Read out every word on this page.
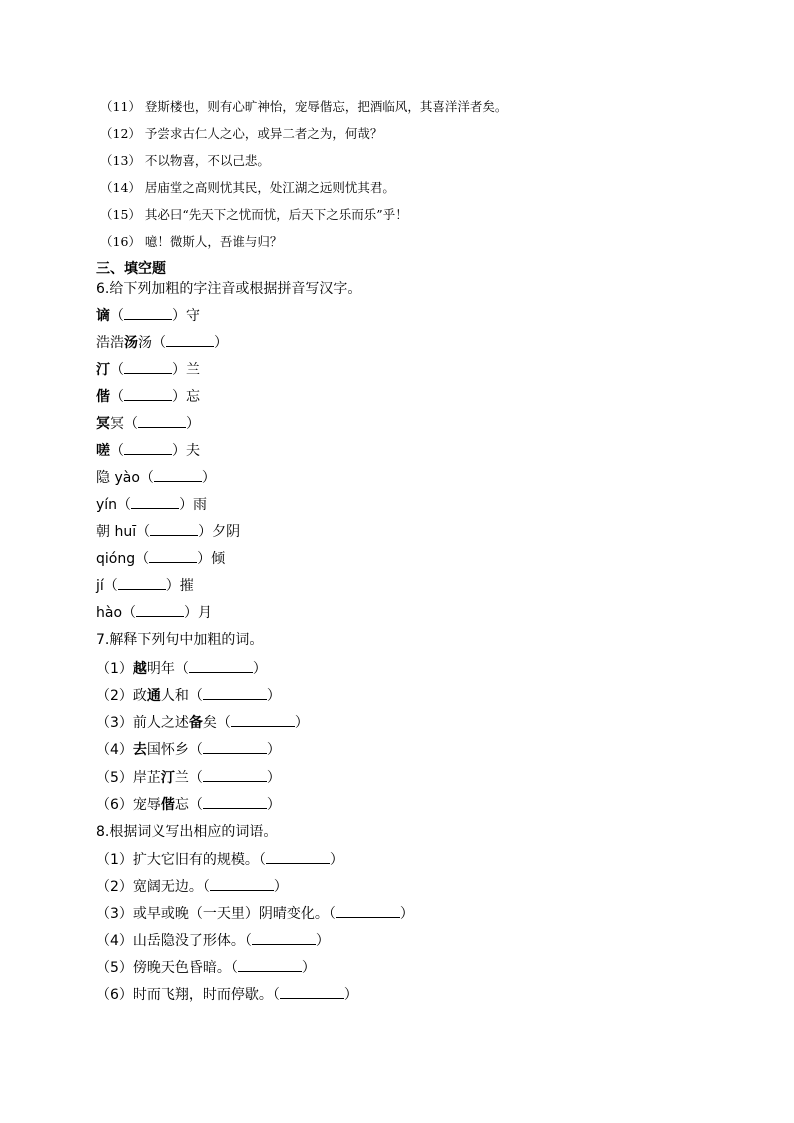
（11） 登斯楼也，则有心旷神怡，宠辱偕忘，把酒临风，其喜洋洋者矣。
（12） 予尝求古仁人之心，或异二者之为，何哉？
（13） 不以物喜，不以己悲。
（14） 居庙堂之高则忧其民，处江湖之远则忧其君。
（15） 其必曰“先天下之忧而忧，后天下之乐而乐”乎！
（16） 噫！微斯人，吾谁与归？
三、填空题
6.给下列加粗的字注音或根据拼音写汉字。
谪（	）守
浩浩汤汤（	）
汀（	）兰
偕（	）忘
冥冥（	）
嗟（	）夫
隐 yào（	）
yín（	）雨
朝 huī（	）夕阴
qióng（	）倾
jí（	）摧
hào（	）月
7.解释下列句中加粗的词。
（1）越明年（	）
（2）政通人和（	）
（3）前人之述备矣（	）
（4）去国怀乡（	）
（5）岸芷汀兰（	）
（6）宠辱偕忘（	）
8.根据词义写出相应的词语。
（1）扩大它旧有的规模。（	）
（2）宽阔无边。（	）
（3）或早或晚（一天里）阴晴变化。（	）
（4）山岳隐没了形体。（	）
（5）傍晚天色昏暗。（	）
（6）时而飞翔，时而停歇。（	）
